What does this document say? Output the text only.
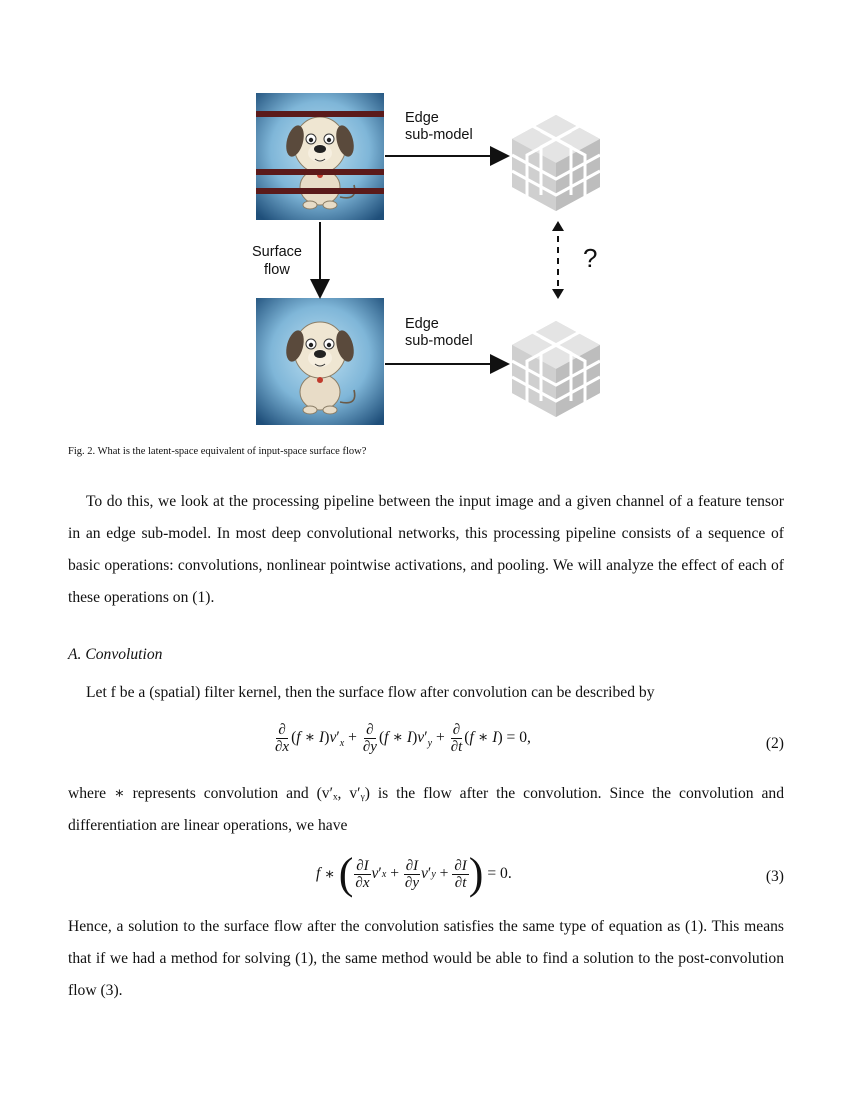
Edge
sub-model
Surface
flow
Edge
sub-model
?
Fig. 2. What is the latent-space equivalent of input-space surface flow?

To do this, we look at the processing pipeline between the input image and a given channel of a feature tensor in an edge sub-model. In most deep convolutional networks, this processing pipeline consists of a sequence of basic operations: convolutions, nonlinear pointwise activations, and pooling. We will analyze the effect of each of these operations on (1).

A. Convolution

Let f be a (spatial) filter kernel, then the surface flow after convolution can be described by

$\frac{\partial}{\partial x} (f$ ∗ $I)v'_x + \frac{\partial}{\partial y} (f$ ∗ $I)v'_y + \frac{\partial}{\partial t} (f$ ∗ I) = 0,	(2)

where ∗ represents convolution and (v′ₓ, v′ᵧ) is the flow after the convolution. Since the convolution and differentiation are linear operations, we have

f ∗ ( $\frac{\partial I}{\partial x}$ v ′ $x + \frac{\partial I}{\partial y}$ v ′ $y + \frac{\partial I}{\partial t}$ ) = 0.	(3)

Hence, a solution to the surface flow after the convolution satisfies the same type of equation as (1). This means that if we had a method for solving (1), the same method would be able to find a solution to the post-convolution flow (3).
